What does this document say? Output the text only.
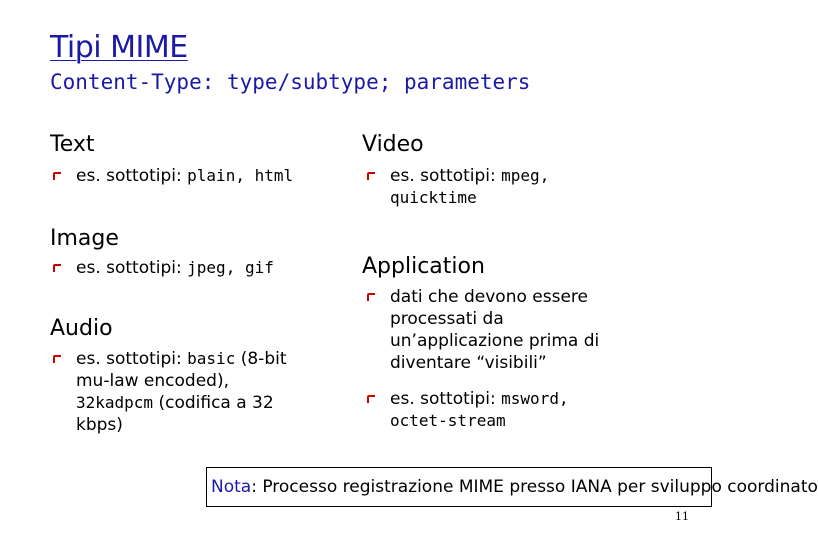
Tipi MIME
Content-Type: type/subtype; parameters
Text
es. sottotipi: plain, html
Image
es. sottotipi: jpeg, gif
Audio
es. sottotipi: basic (8-bit
mu-law encoded),
32kadpcm (codifica a 32
kbps)
Video
es. sottotipi: mpeg,
quicktime
Application
dati che devono essere
processati da
un’applicazione prima di
diventare “visibili”
es. sottotipi: msword,
octet-stream
Nota: Processo registrazione MIME presso IANA per sviluppo coordinato
11
